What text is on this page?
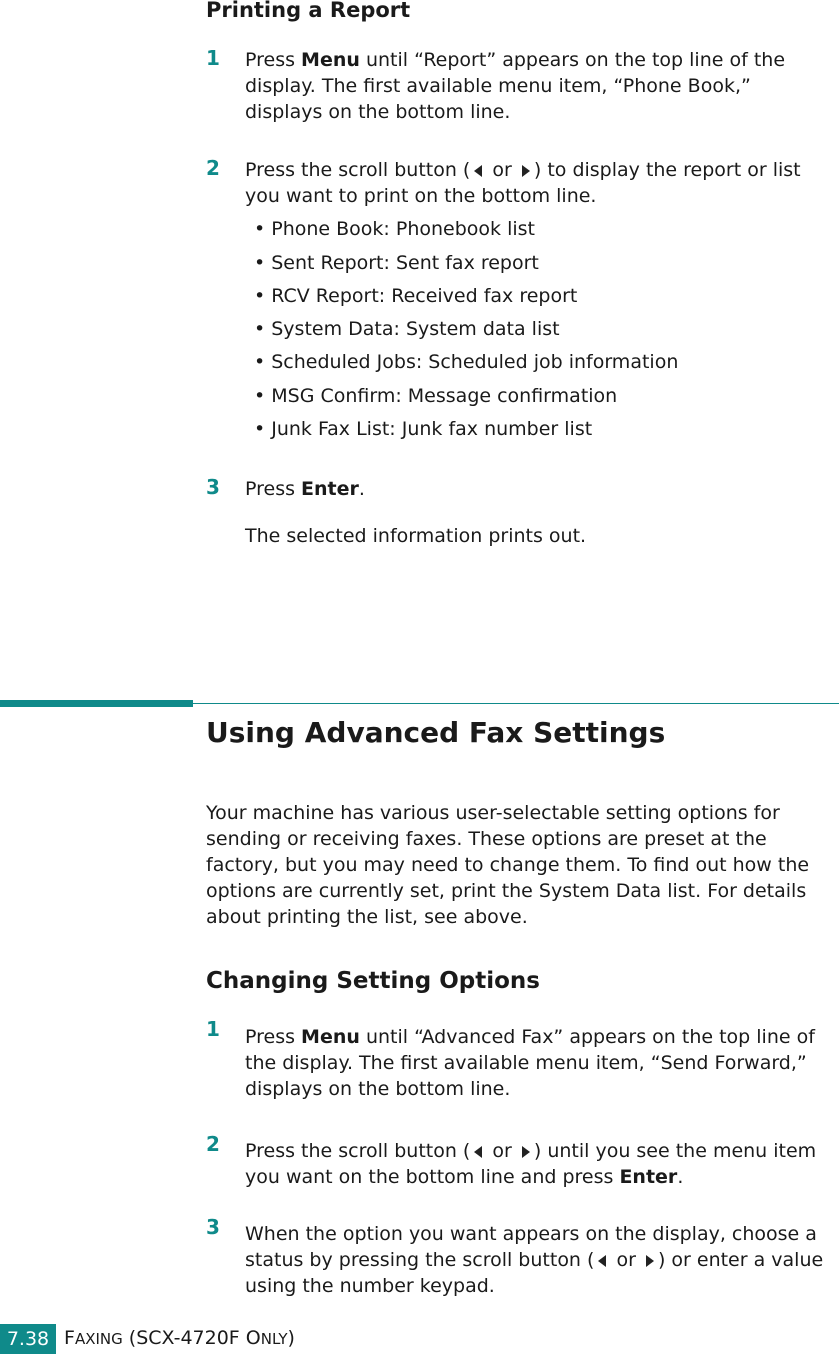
Printing a Report
1 Press Menu until “Report” appears on the top line of the display. The first available menu item, “Phone Book,” displays on the bottom line.
2 Press the scroll button ( or ) to display the report or list you want to print on the bottom line.
• Phone Book: Phonebook list
• Sent Report: Sent fax report
• RCV Report: Received fax report
• System Data: System data list
• Scheduled Jobs: Scheduled job information
• MSG Confirm: Message confirmation
• Junk Fax List: Junk fax number list
3 Press Enter.
The selected information prints out.
Using Advanced Fax Settings
Your machine has various user-selectable setting options for sending or receiving faxes. These options are preset at the factory, but you may need to change them. To find out how the options are currently set, print the System Data list. For details about printing the list, see above.
Changing Setting Options
1 Press Menu until “Advanced Fax” appears on the top line of the display. The first available menu item, “Send Forward,” displays on the bottom line.
2 Press the scroll button ( or ) until you see the menu item you want on the bottom line and press Enter.
3 When the option you want appears on the display, choose a status by pressing the scroll button ( or ) or enter a value using the number keypad.
7.38 FAXING (SCX-4720F ONLY)
